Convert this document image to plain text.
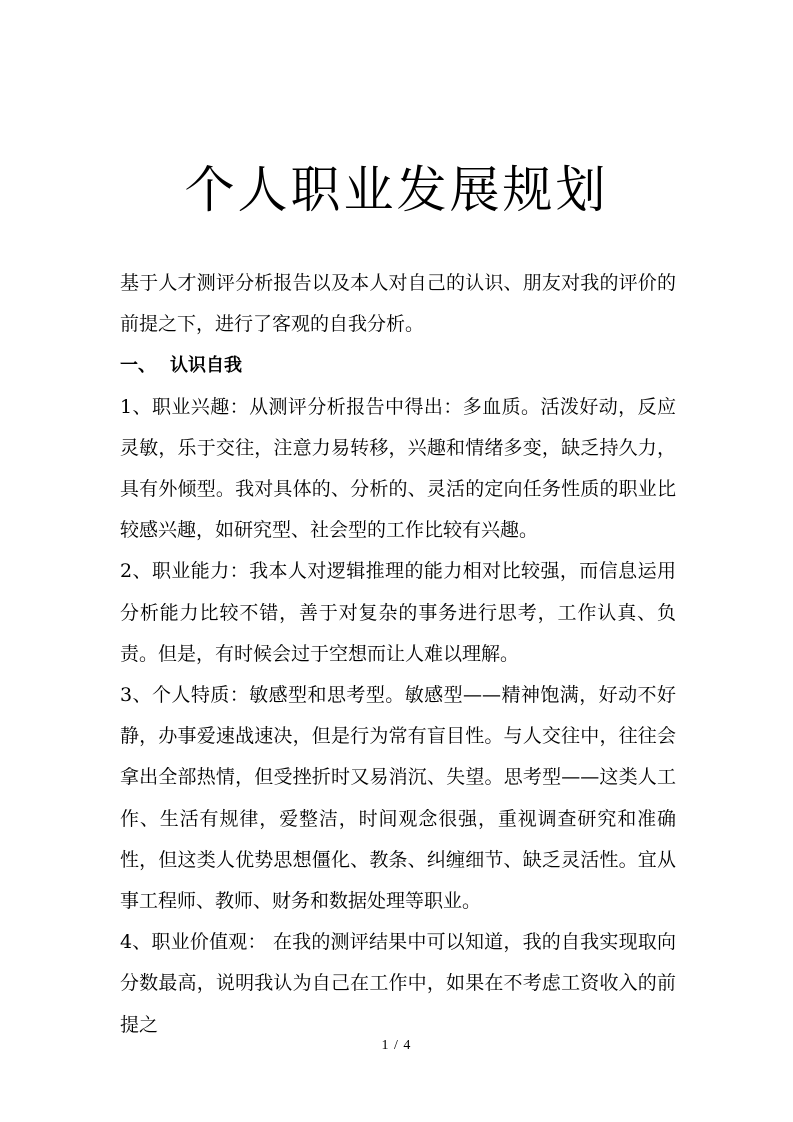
个人职业发展规划

基于人才测评分析报告以及本人对自己的认识、朋友对我的评价的前提之下，进行了客观的自我分析。

一、 认识自我

1、职业兴趣：从测评分析报告中得出：多血质。活泼好动，反应灵敏，乐于交往，注意力易转移，兴趣和情绪多变，缺乏持久力，具有外倾型。我对具体的、分析的、灵活的定向任务性质的职业比较感兴趣，如研究型、社会型的工作比较有兴趣。

2、职业能力：我本人对逻辑推理的能力相对比较强，而信息运用分析能力比较不错，善于对复杂的事务进行思考，工作认真、负责。但是，有时候会过于空想而让人难以理解。

3、个人特质：敏感型和思考型。敏感型——精神饱满，好动不好静，办事爱速战速决，但是行为常有盲目性。与人交往中，往往会拿出全部热情，但受挫折时又易消沉、失望。思考型——这类人工作、生活有规律，爱整洁，时间观念很强，重视调查研究和准确性，但这类人优势思想僵化、教条、纠缠细节、缺乏灵活性。宜从事工程师、教师、财务和数据处理等职业。

4、职业价值观： 在我的测评结果中可以知道，我的自我实现取向分数最高，说明我认为自己在工作中，如果在不考虑工资收入的前提之

1 / 4
